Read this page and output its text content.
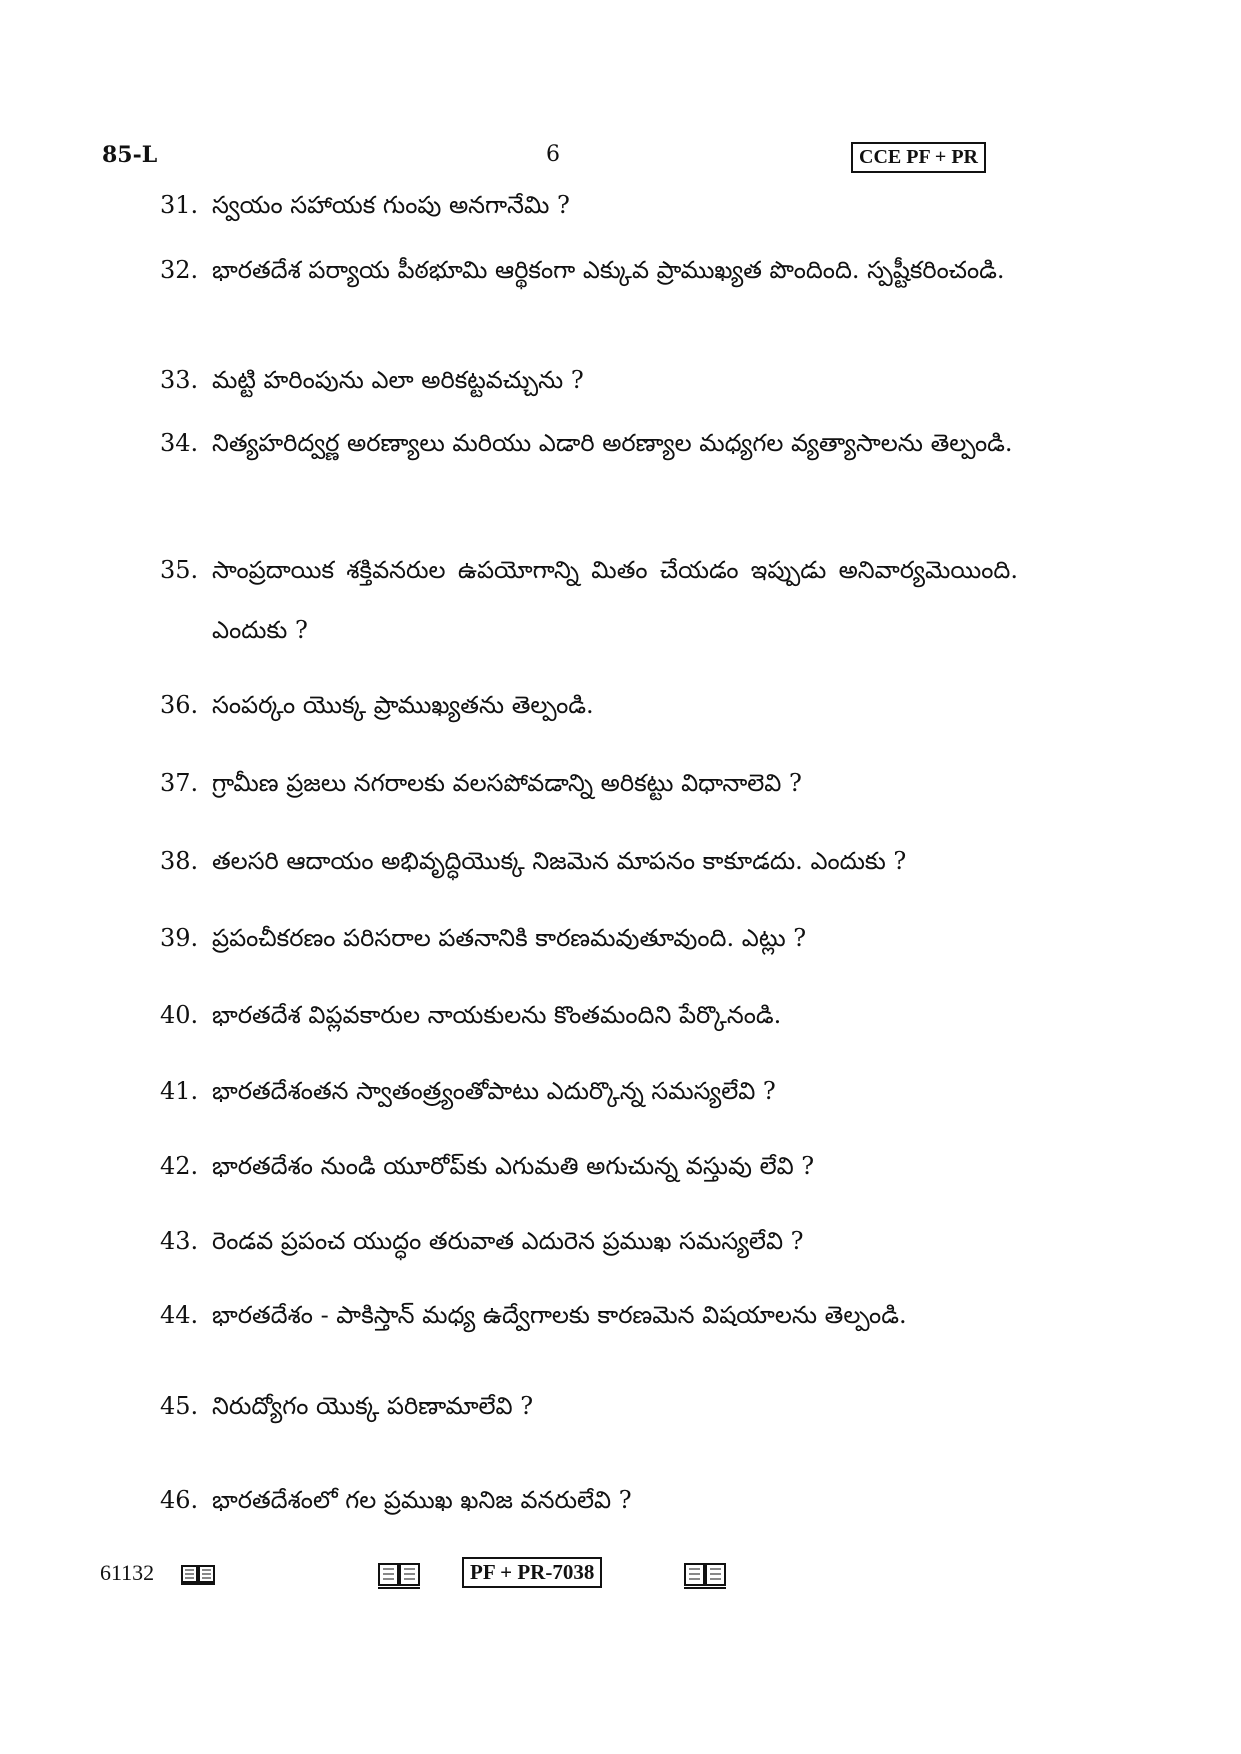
85-L	6	CCE PF + PR
31. స్వయం సహాయక గుంపు అనగానేమి ?
32. భారతదేశ పర్యాయ పీఠభూమి ఆర్థికంగా ఎక్కువ ప్రాముఖ్యత పొందింది. స్పష్టీకరించండి.
33. మట్టి హరింపును ఎలా అరికట్టవచ్చును ?
34. నిత్యహరిద్వర్ణ అరణ్యాలు మరియు ఎడారి అరణ్యాల మధ్యగల వ్యత్యాసాలను తెల్పండి.
35. సాంప్రదాయిక శక్తివనరుల ఉపయోగాన్ని మితం చేయడం ఇప్పుడు అనివార్యమెయింది. ఎందుకు ?
36. సంపర్కం యొక్క ప్రాముఖ్యతను తెల్పండి.
37. గ్రామీణ ప్రజలు నగరాలకు వలసపోవడాన్ని అరికట్టు విధానాలెవి ?
38. తలసరి ఆదాయం అభివృద్ధియొక్క నిజమెన మాపనం కాకూడదు. ఎందుకు ?
39. ప్రపంచీకరణం పరిసరాల పతనానికి కారణమవుతూవుంది. ఎట్లు ?
40. భారతదేశ విప్లవకారుల నాయకులను కొంతమందిని పేర్కొనండి.
41. భారతదేశంతన స్వాతంత్ర్యంతోపాటు ఎదుర్కొన్న సమస్యలేవి ?
42. భారతదేశం నుండి యూరోప్‌కు ఎగుమతి అగుచున్న వస్తువు లేవి ?
43. రెండవ ప్రపంచ యుద్ధం తరువాత ఎదురెన ప్రముఖ సమస్యలేవి ?
44. భారతదేశం - పాకిస్తాన్ మధ్య ఉద్వేగాలకు కారణమెన విషయాలను తెల్పండి.
45. నిరుద్యోగం యొక్క పరిణామాలేవి ?
46. భారతదేశంలో గల ప్రముఖ ఖనిజ వనరులేవి ?
61132	PF + PR-7038
